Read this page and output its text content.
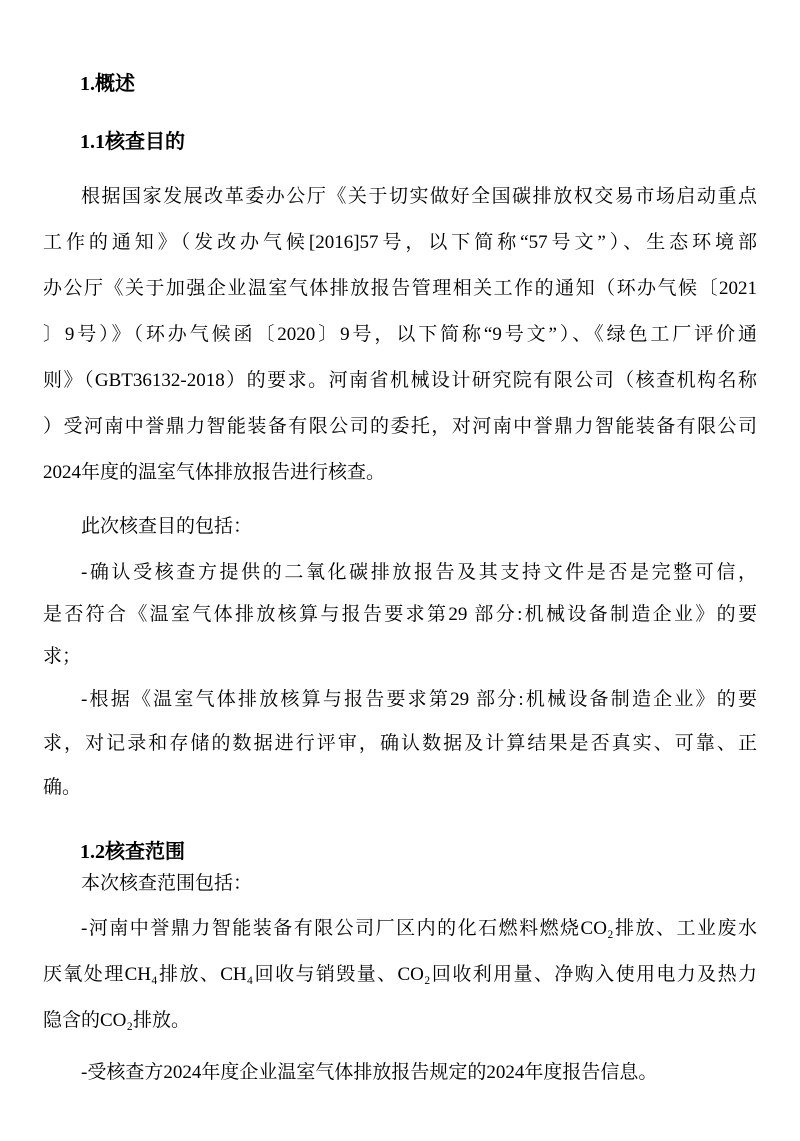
1.概述
1.1核查目的
根据国家发展改革委办公厅《关于切实做好全国碳排放权交易市场启动重点
工作的通知》（发改办气候[2016]57号，以下简称“57号文”）、生态环境部
办公厅《关于加强企业温室气体排放报告管理相关工作的通知（环办气候〔2021
〕9号）》（环办气候函〔2020〕9号，以下简称“9号文”）、《绿色工厂评价通
则》（GBT36132-2018）的要求。河南省机械设计研究院有限公司（核查机构名称
）受河南中誉鼎力智能装备有限公司的委托，对河南中誉鼎力智能装备有限公司
2024年度的温室气体排放报告进行核查。
此次核查目的包括：
-确认受核查方提供的二氧化碳排放报告及其支持文件是否是完整可信，
是否符合《温室气体排放核算与报告要求第29 部分:机械设备制造企业》的要
求；
-根据《温室气体排放核算与报告要求第29 部分:机械设备制造企业》的要
求，对记录和存储的数据进行评审，确认数据及计算结果是否真实、可靠、正
确。
1.2核查范围
本次核查范围包括：
-河南中誉鼎力智能装备有限公司厂区内的化石燃料燃烧CO₂排放、工业废水
厌氧处理CH₄排放、CH₄回收与销毁量、CO₂回收利用量、净购入使用电力及热力
隐含的CO₂排放。
-受核查方2024年度企业温室气体排放报告规定的2024年度报告信息。
